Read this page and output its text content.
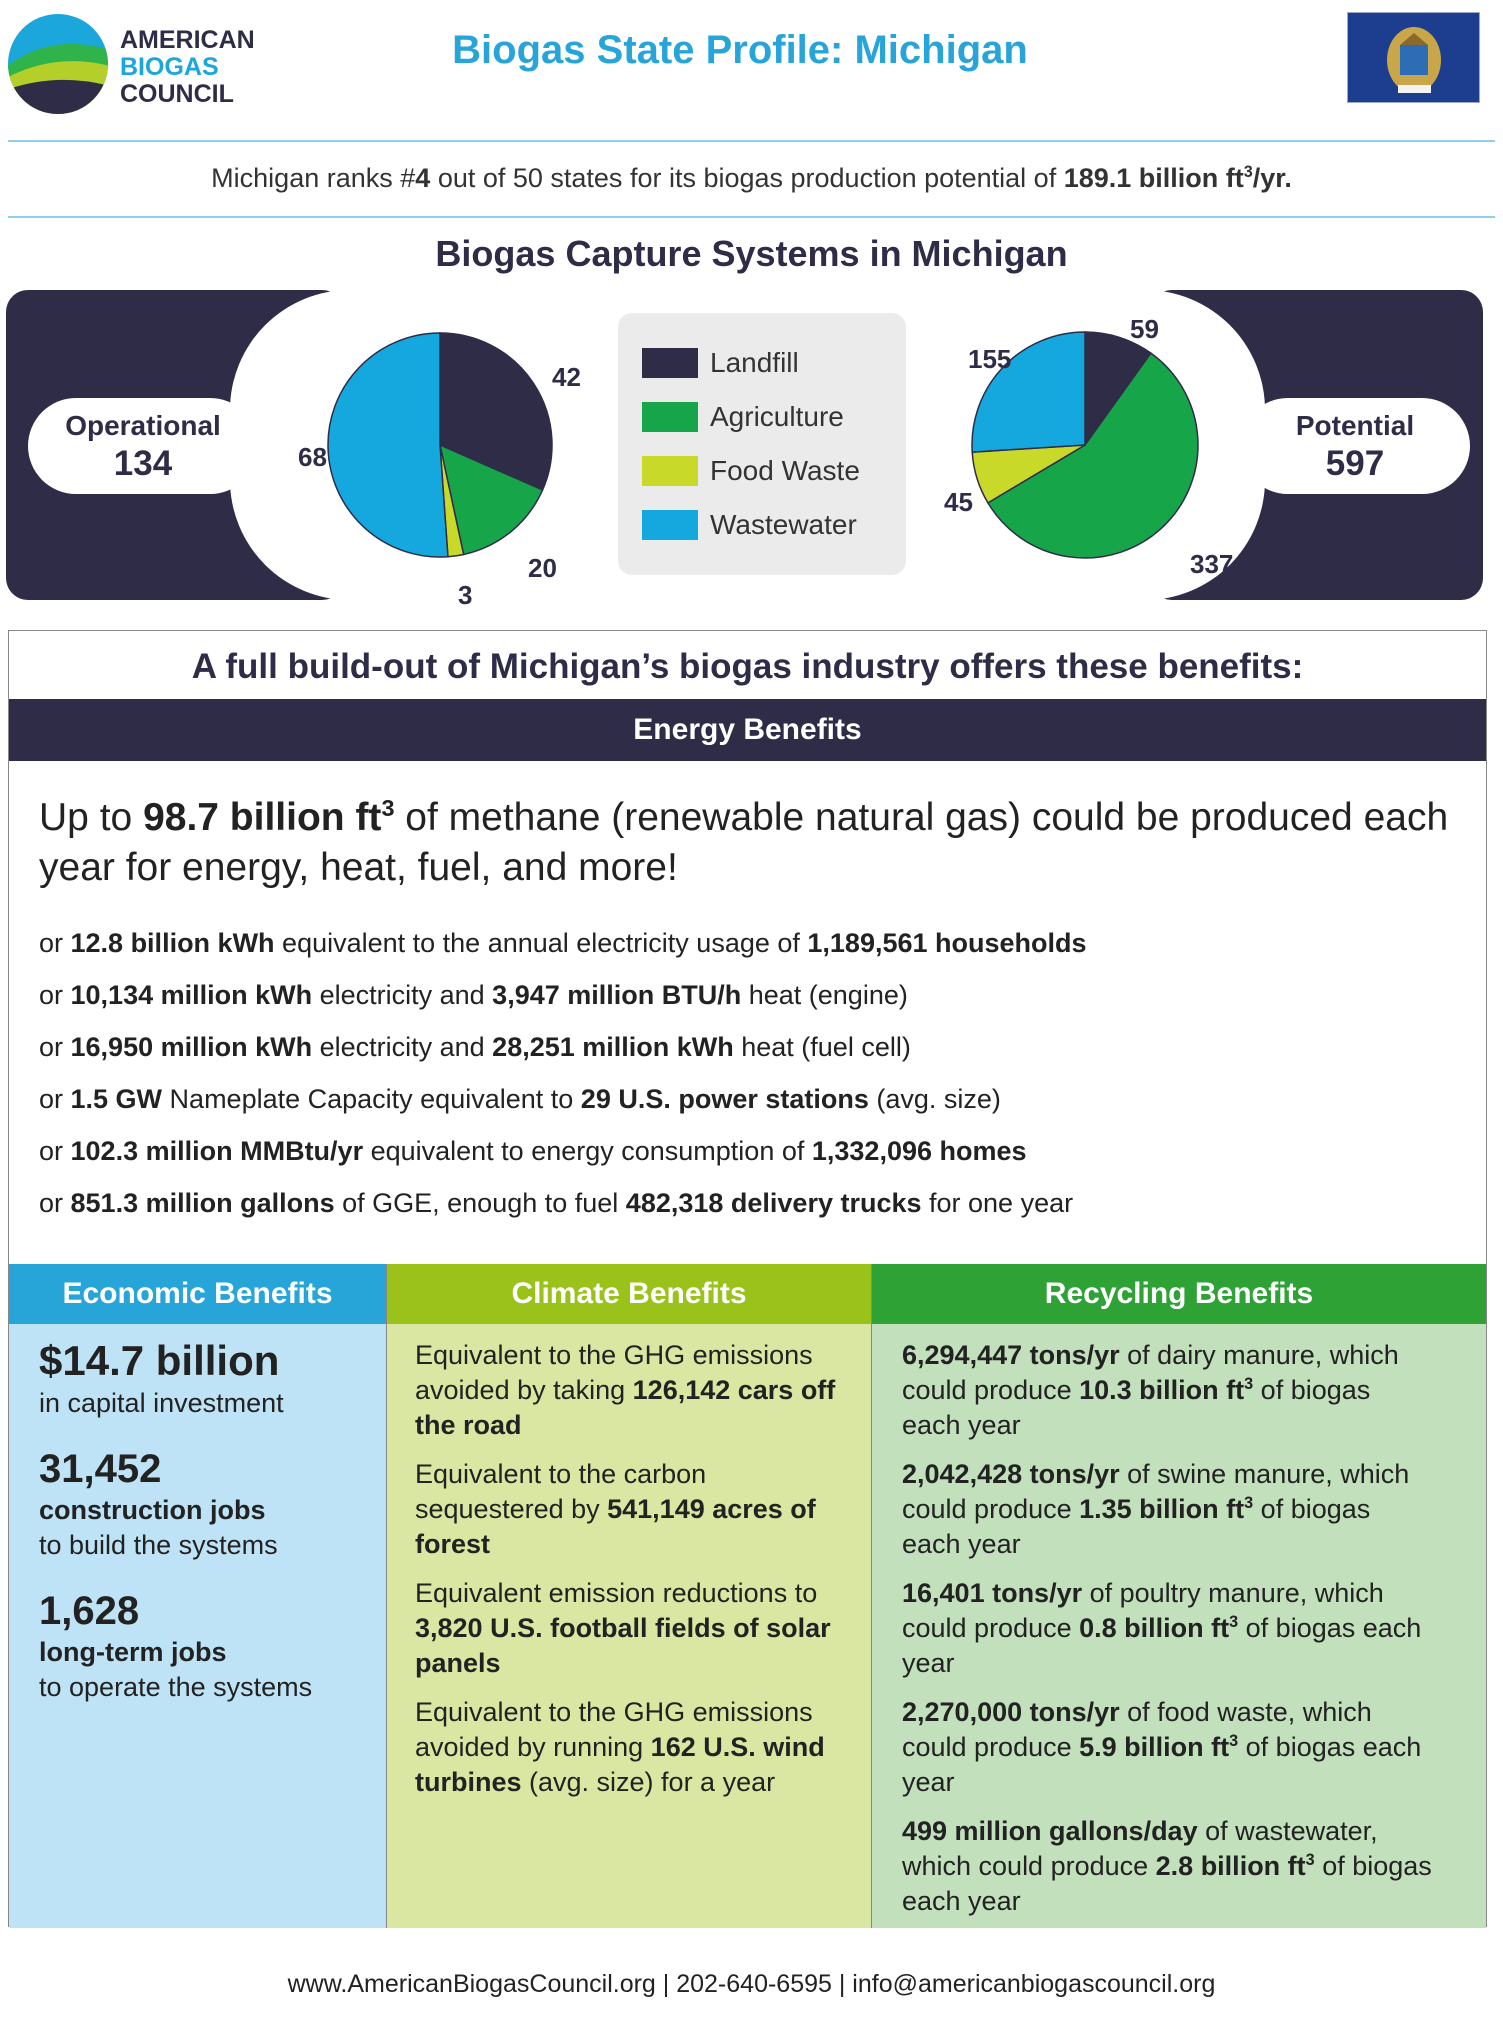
AMERICAN
BIOGAS
COUNCIL
Biogas State Profile: Michigan
Michigan ranks #4 out of 50 states for its biogas production potential of 189.1 billion $ft^3/yr$.
Biogas Capture Systems in Michigan
Operational
134
Potential
597
42
20
3
68
59
337
45
155
Landfill
Agriculture
Food Waste
Wastewater
A full build-out of Michigan’s biogas industry offers these benefits:
Energy Benefits
Up to 98.7 billion $ft^3$ of methane (renewable natural gas) could be produced each year for energy, heat, fuel, and more!
or 12.8 billion kWh equivalent to the annual electricity usage of 1,189,561 households
or 10,134 million kWh electricity and 3,947 million BTU/h heat (engine)
or 16,950 million kWh electricity and 28,251 million kWh heat (fuel cell)
or 1.5 GW Nameplate Capacity equivalent to 29 U.S. power stations (avg. size)
or 102.3 million MMBtu/yr equivalent to energy consumption of 1,332,096 homes
or 851.3 million gallons of GGE, enough to fuel 482,318 delivery trucks for one year
Economic Benefits
$14.7 billion
in capital investment
31,452
construction jobs
to build the systems
1,628
long-term jobs
to operate the systems
Climate Benefits
Equivalent to the GHG emissions avoided by taking 126,142 cars off the road
Equivalent to the carbon sequestered by 541,149 acres of forest
Equivalent emission reductions to 3,820 U.S. football fields of solar panels
Equivalent to the GHG emissions avoided by running 162 U.S. wind turbines (avg. size) for a year
Recycling Benefits
6,294,447 tons/yr of dairy manure, which could produce 10.3 billion $ft^3$ of biogas each year
2,042,428 tons/yr of swine manure, which could produce 1.35 billion $ft^3$ of biogas each year
16,401 tons/yr of poultry manure, which could produce 0.8 billion $ft^3$ of biogas each year
2,270,000 tons/yr of food waste, which could produce 5.9 billion $ft^3$ of biogas each year
499 million gallons/day of wastewater, which could produce 2.8 billion $ft^3$ of biogas each year
www.AmericanBiogasCouncil.org | 202-640-6595 | info@americanbiogascouncil.org
